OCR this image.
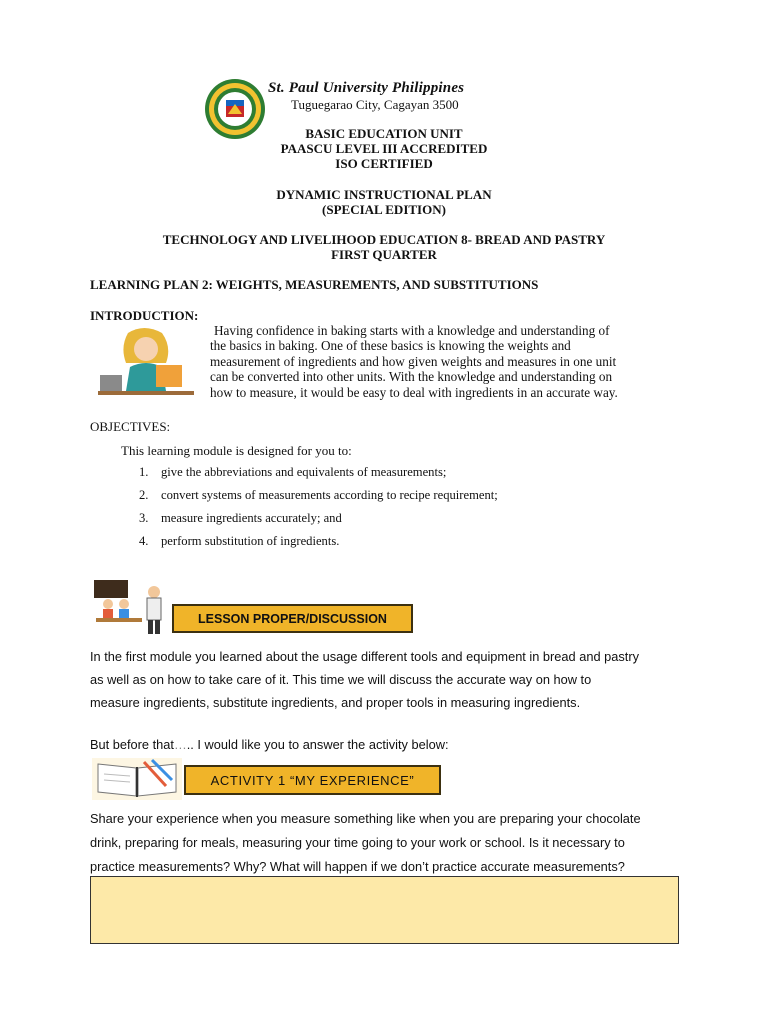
St. Paul University Philippines
Tuguegarao City, Cagayan 3500
BASIC EDUCATION UNIT
PAASCU LEVEL III ACCREDITED
ISO CERTIFIED
DYNAMIC INSTRUCTIONAL PLAN
(SPECIAL EDITION)
TECHNOLOGY AND LIVELIHOOD EDUCATION 8- BREAD AND PASTRY
FIRST QUARTER
LEARNING PLAN 2: WEIGHTS, MEASUREMENTS, AND SUBSTITUTIONS
INTRODUCTION:
Having confidence in baking starts with a knowledge and understanding of
the basics in baking. One of these basics is knowing the weights and
measurement of ingredients and how given weights and measures in one unit
can be converted into other units. With the knowledge and understanding on
how to measure, it would be easy to deal with ingredients in an accurate way.
OBJECTIVES:
This learning module is designed for you to:
1. give the abbreviations and equivalents of measurements;
2. convert systems of measurements according to recipe requirement;
3. measure ingredients accurately; and
4. perform substitution of ingredients.
LESSON PROPER/DISCUSSION
In the first module you learned about the usage different tools and equipment in bread and pastry
as well as on how to take care of it. This time we will discuss the accurate way on how to
measure ingredients, substitute ingredients, and proper tools in measuring ingredients.
But before that….. I would like you to answer the activity below:
ACTIVITY 1 “MY EXPERIENCE”
Share your experience when you measure something like when you are preparing your chocolate
drink, preparing for meals, measuring your time going to your work or school. Is it necessary to
practice measurements? Why? What will happen if we don’t practice accurate measurements?
